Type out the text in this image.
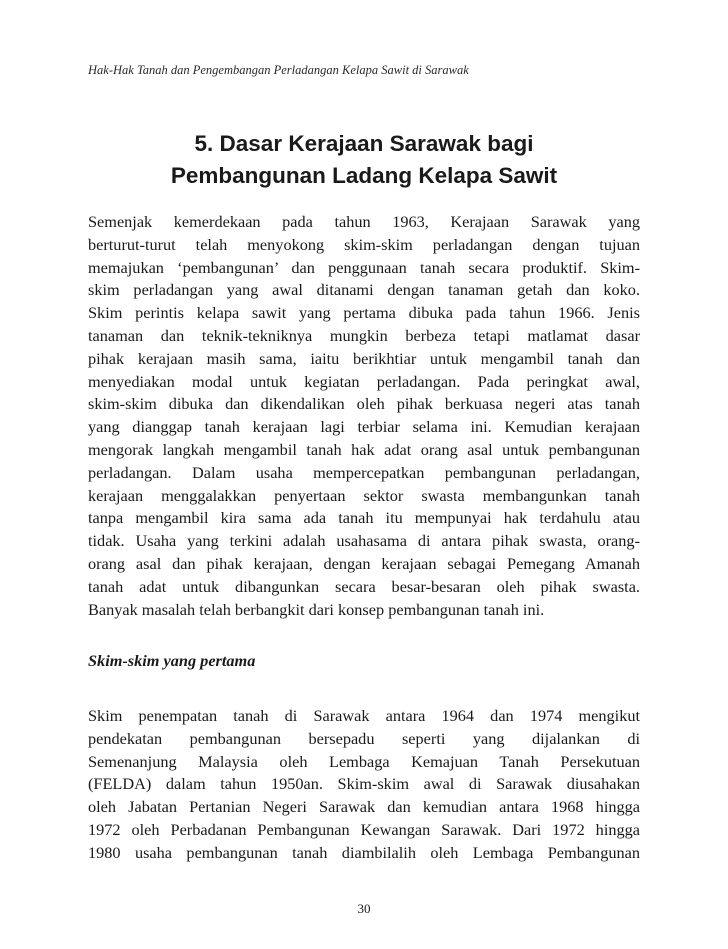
Hak-Hak Tanah dan Pengembangan Perladangan Kelapa Sawit di Sarawak
5. Dasar Kerajaan Sarawak bagi
Pembangunan Ladang Kelapa Sawit
Semenjak kemerdekaan pada tahun 1963, Kerajaan Sarawak yang
berturut-turut telah menyokong skim-skim perladangan dengan tujuan
memajukan ‘pembangunan’ dan penggunaan tanah secara produktif. Skim-
skim perladangan yang awal ditanami dengan tanaman getah dan koko.
Skim perintis kelapa sawit yang pertama dibuka pada tahun 1966. Jenis
tanaman dan teknik-tekniknya mungkin berbeza tetapi matlamat dasar
pihak kerajaan masih sama, iaitu berikhtiar untuk mengambil tanah dan
menyediakan modal untuk kegiatan perladangan. Pada peringkat awal,
skim-skim dibuka dan dikendalikan oleh pihak berkuasa negeri atas tanah
yang dianggap tanah kerajaan lagi terbiar selama ini. Kemudian kerajaan
mengorak langkah mengambil tanah hak adat orang asal untuk pembangunan
perladangan. Dalam usaha mempercepatkan pembangunan perladangan,
kerajaan menggalakkan penyertaan sektor swasta membangunkan tanah
tanpa mengambil kira sama ada tanah itu mempunyai hak terdahulu atau
tidak. Usaha yang terkini adalah usahasama di antara pihak swasta, orang-
orang asal dan pihak kerajaan, dengan kerajaan sebagai Pemegang Amanah
tanah adat untuk dibangunkan secara besar-besaran oleh pihak swasta.
Banyak masalah telah berbangkit dari konsep pembangunan tanah ini.
Skim-skim yang pertama
Skim penempatan tanah di Sarawak antara 1964 dan 1974 mengikut
pendekatan pembangunan bersepadu seperti yang dijalankan di
Semenanjung Malaysia oleh Lembaga Kemajuan Tanah Persekutuan
(FELDA) dalam tahun 1950an. Skim-skim awal di Sarawak diusahakan
oleh Jabatan Pertanian Negeri Sarawak dan kemudian antara 1968 hingga
1972 oleh Perbadanan Pembangunan Kewangan Sarawak. Dari 1972 hingga
1980 usaha pembangunan tanah diambilalih oleh Lembaga Pembangunan
30
